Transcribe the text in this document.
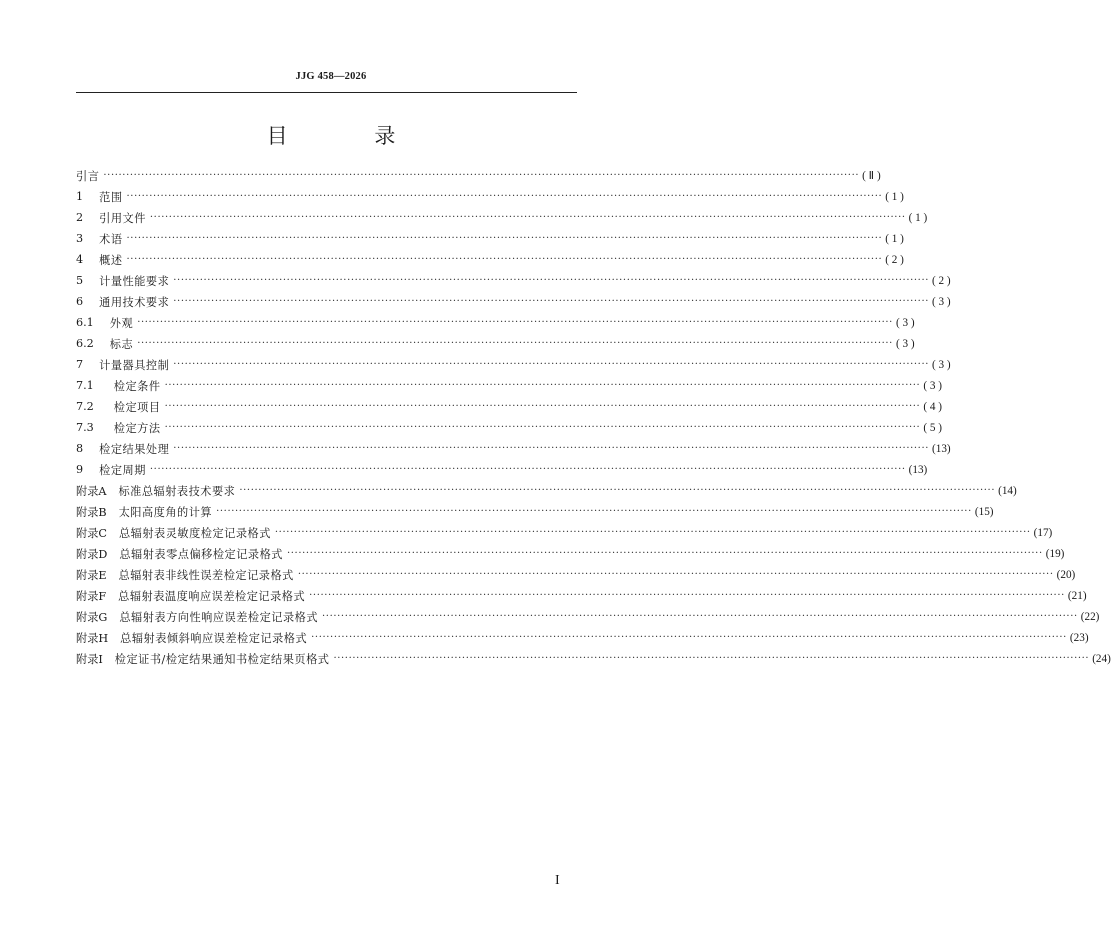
JJG 458—2026
目 录
引言 ········································································································································································································ ( Ⅱ )
1 范围 ········································································································································································································ ( 1 )
2 引用文件 ········································································································································································································ ( 1 )
3 术语 ········································································································································································································ ( 1 )
4 概述 ········································································································································································································ ( 2 )
5 计量性能要求 ········································································································································································································ ( 2 )
6 通用技术要求 ········································································································································································································ ( 3 )
6.1 外观 ········································································································································································································ ( 3 )
6.2 标志 ········································································································································································································ ( 3 )
7 计量器具控制 ········································································································································································································ ( 3 )
7.1 检定条件 ········································································································································································································ ( 3 )
7.2 检定项目 ········································································································································································································ ( 4 )
7.3 检定方法 ········································································································································································································ ( 5 )
8 检定结果处理 ········································································································································································································ (13)
9 检定周期 ········································································································································································································ (13)
附录A 标准总辐射表技术要求 ········································································································································································································ (14)
附录B 太阳高度角的计算 ········································································································································································································ (15)
附录C 总辐射表灵敏度检定记录格式 ········································································································································································································ (17)
附录D 总辐射表零点偏移检定记录格式 ········································································································································································································ (19)
附录E 总辐射表非线性误差检定记录格式 ········································································································································································································ (20)
附录F 总辐射表温度响应误差检定记录格式 ········································································································································································································ (21)
附录G 总辐射表方向性响应误差检定记录格式 ········································································································································································································ (22)
附录H 总辐射表倾斜响应误差检定记录格式 ········································································································································································································ (23)
附录I 检定证书/检定结果通知书检定结果页格式 ········································································································································································································ (24)
I
